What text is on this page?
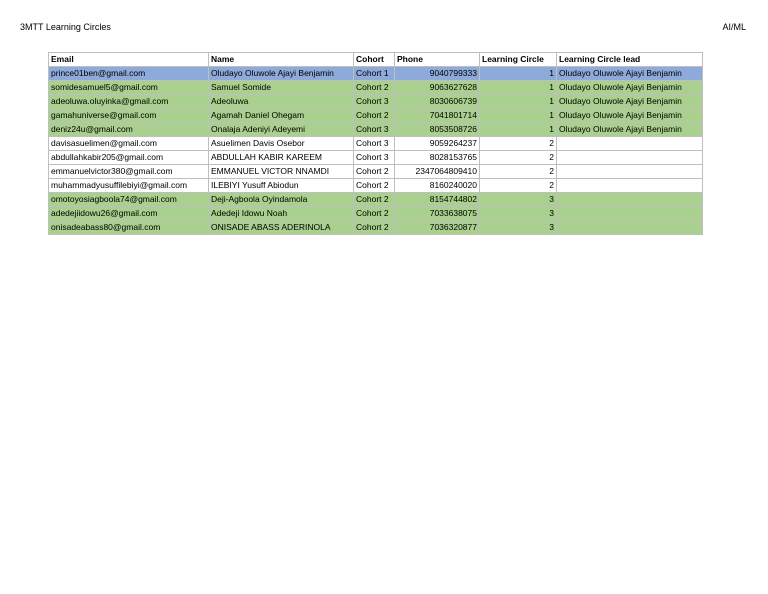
3MTT Learning Circles	AI/ML
Email	Name	Cohort	Phone	Learning Circle	Learning Circle lead
prince01ben@gmail.com	Oludayo Oluwole Ajayi Benjamin	Cohort 1	9040799333	1	Oludayo Oluwole Ajayi Benjamin
somidesamuel5@gmail.com	Samuel Somide	Cohort 2	9063627628	1	Oludayo Oluwole Ajayi Benjamin
adeoluwa.oluyinka@gmail.com	Adeoluwa	Cohort 3	8030606739	1	Oludayo Oluwole Ajayi Benjamin
gamahuniverse@gmail.com	Agamah Daniel Ohegam	Cohort 2	7041801714	1	Oludayo Oluwole Ajayi Benjamin
deniz24u@gmail.com	Onalaja Adeniyi Adeyemi	Cohort 3	8053508726	1	Oludayo Oluwole Ajayi Benjamin
davisasuelimen@gmail.com	Asuelimen Davis Osebor	Cohort 3	9059264237	2	
abdullahkabir205@gmail.com	ABDULLAH KABIR KAREEM	Cohort 3	8028153765	2	
emmanuelvictor380@gmail.com	EMMANUEL VICTOR NNAMDI	Cohort 2	2347064809410	2	
muhammadyusuffilebiyi@gmail.com	ILEBIYI Yusuff Abiodun	Cohort 2	8160240020	2	
omotoyosiagboola74@gmail.com	Deji-Agboola Oyindamola	Cohort 2	8154744802	3	
adedejiidowu26@gmail.com	Adedeji Idowu Noah	Cohort 2	7033638075	3	
onisadeabass80@gmail.com	ONISADE ABASS ADERINOLA	Cohort 2	7036320877	3	
